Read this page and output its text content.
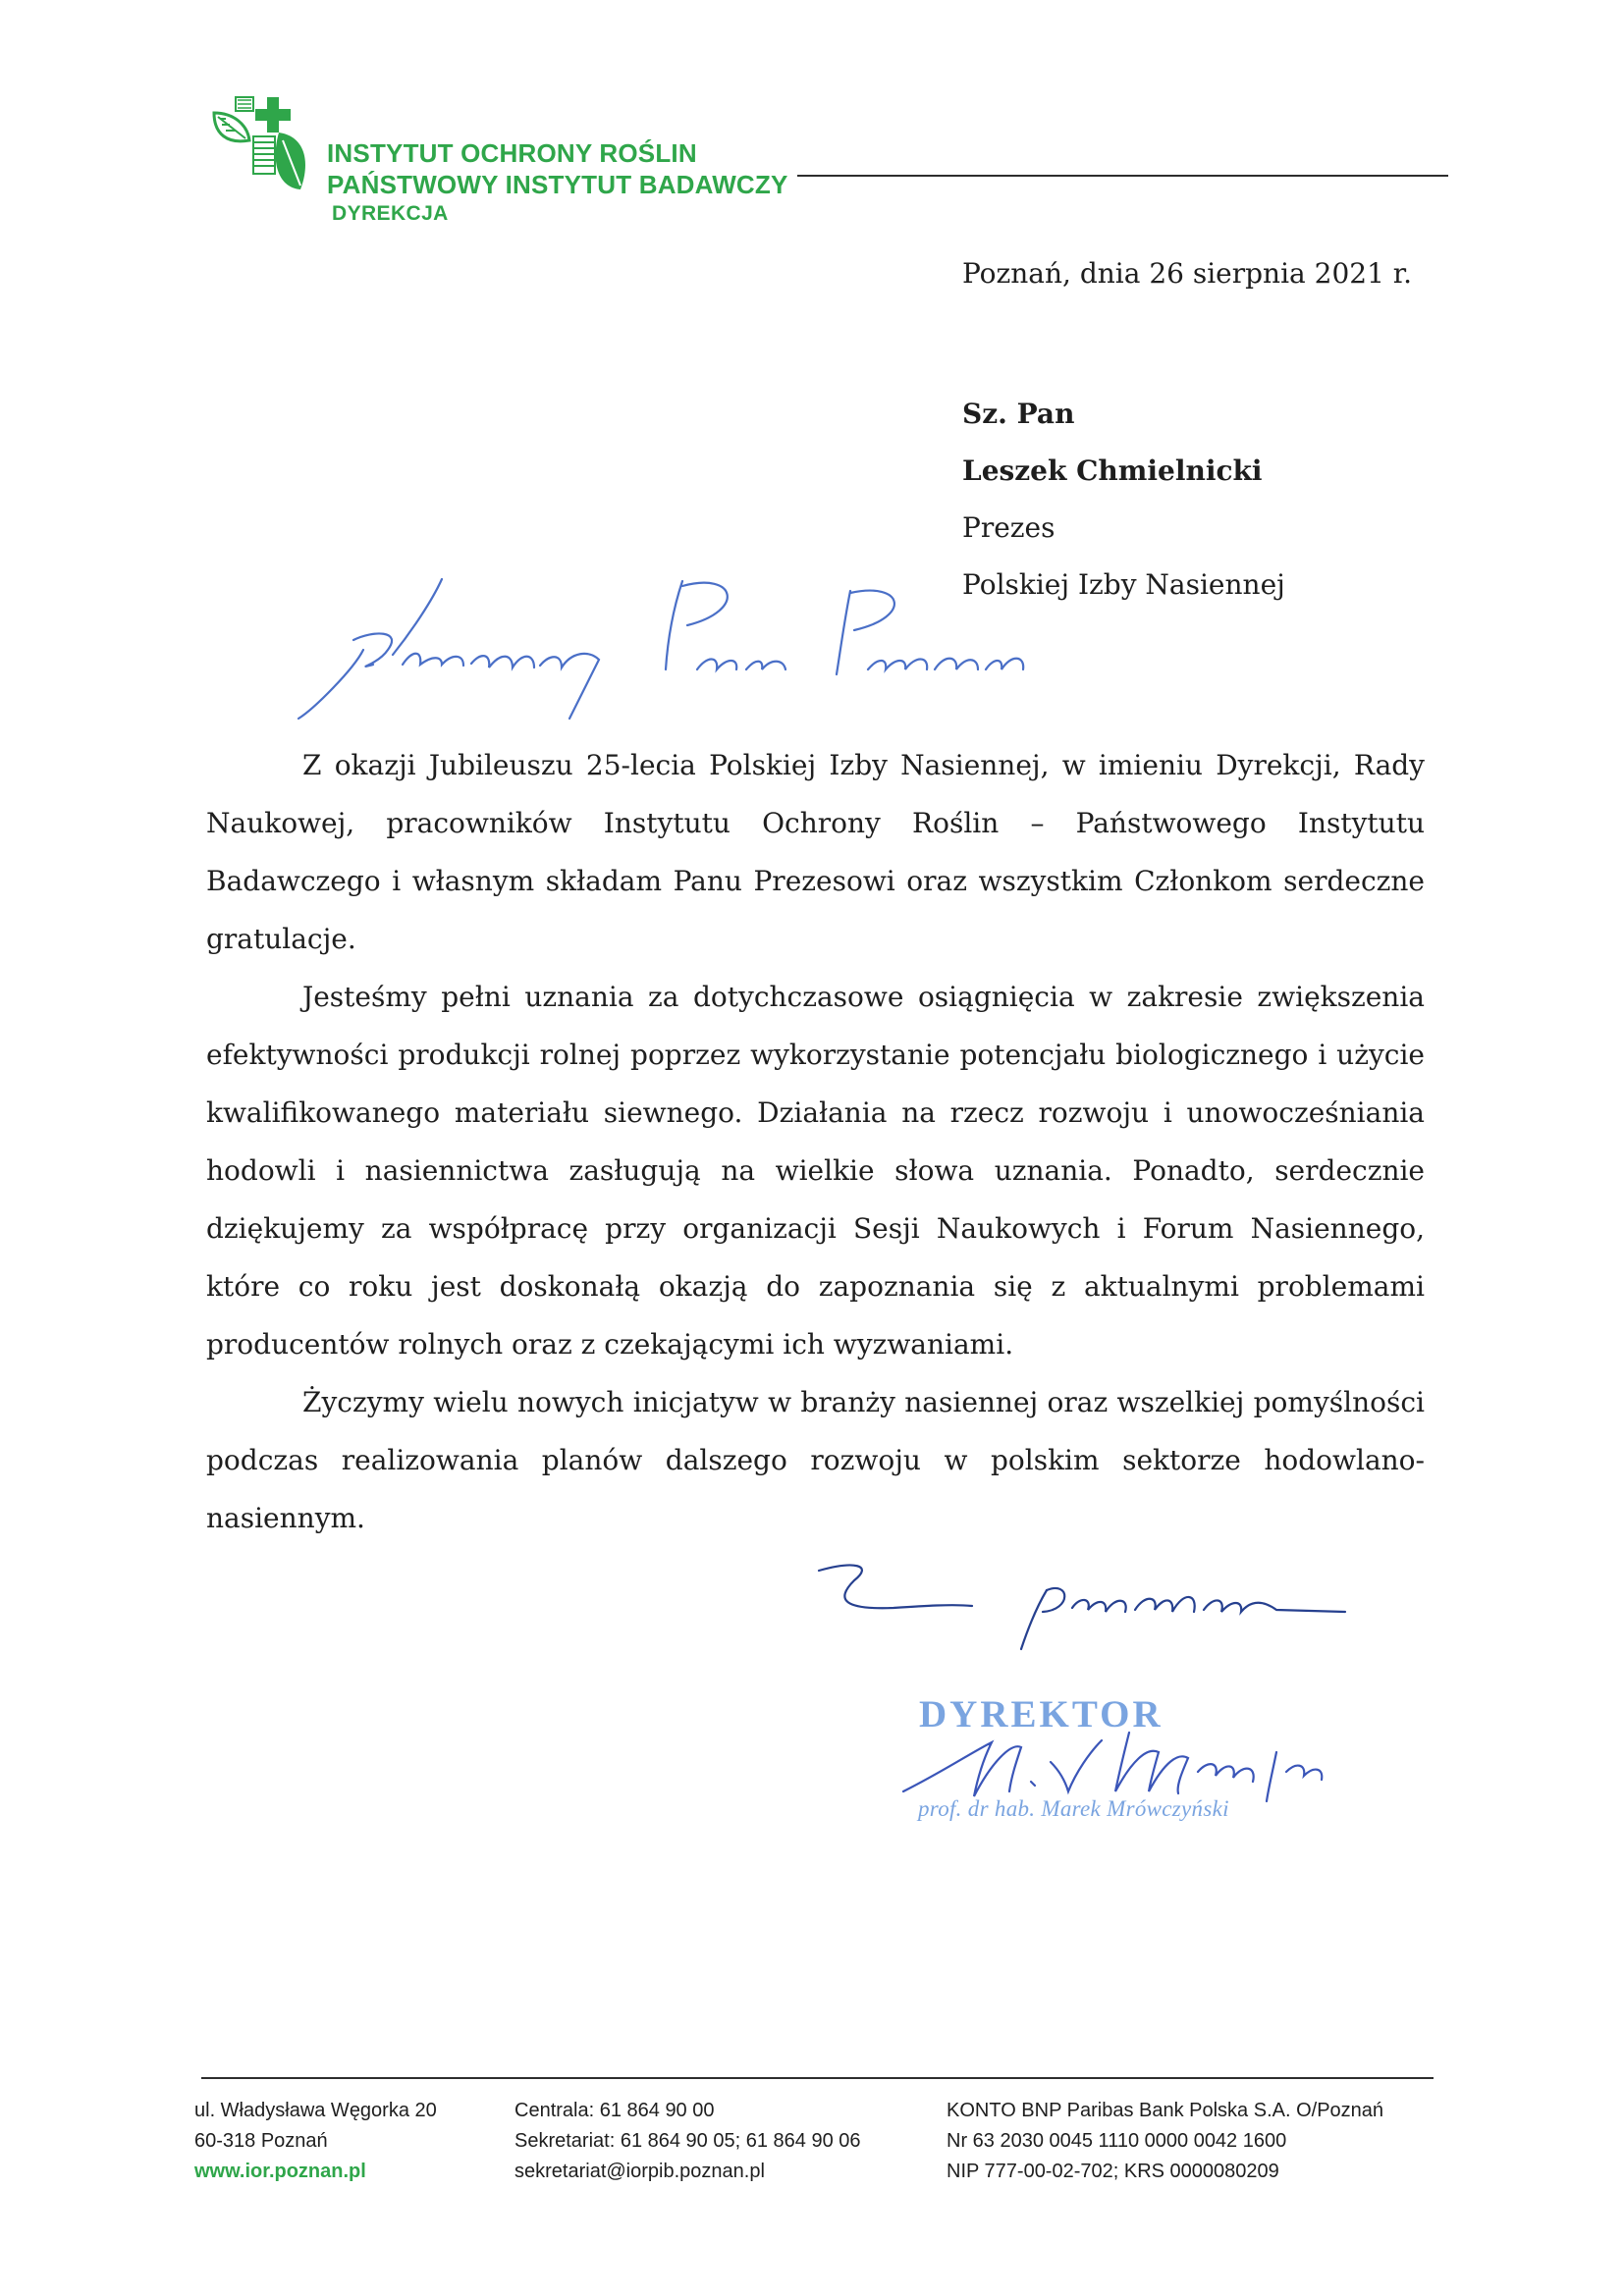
INSTYTUT OCHRONY ROŚLIN
PAŃSTWOWY INSTYTUT BADAWCZY
DYREKCJA
Poznań, dnia 26 sierpnia 2021 r.
Sz. Pan
Leszek Chmielnicki
Prezes
Polskiej Izby Nasiennej

Z okazji Jubileuszu 25-lecia Polskiej Izby Nasiennej, w imieniu Dyrekcji, Rady Naukowej, pracowników Instytutu Ochrony Roślin – Państwowego Instytutu Badawczego i własnym składam Panu Prezesowi oraz wszystkim Członkom serdeczne gratulacje.

Jesteśmy pełni uznania za dotychczasowe osiągnięcia w zakresie zwiększenia efektywności produkcji rolnej poprzez wykorzystanie potencjału biologicznego i użycie kwalifikowanego materiału siewnego. Działania na rzecz rozwoju i unowocześniania hodowli i nasiennictwa zasługują na wielkie słowa uznania. Ponadto, serdecznie dziękujemy za współpracę przy organizacji Sesji Naukowych i Forum Nasiennego, które co roku jest doskonałą okazją do zapoznania się z aktualnymi problemami producentów rolnych oraz z czekającymi ich wyzwaniami.

Życzymy wielu nowych inicjatyw w branży nasiennej oraz wszelkiej pomyślności podczas realizowania planów dalszego rozwoju w polskim sektorze hodowlano-nasiennym.

DYREKTOR
prof. dr hab. Marek Mrówczyński
ul. Władysława Węgorka 20
60-318 Poznań
www.ior.poznan.pl
Centrala: 61 864 90 00
Sekretariat: 61 864 90 05; 61 864 90 06
sekretariat@iorpib.poznan.pl
KONTO BNP Paribas Bank Polska S.A. O/Poznań
Nr 63 2030 0045 1110 0000 0042 1600
NIP 777-00-02-702; KRS 0000080209
